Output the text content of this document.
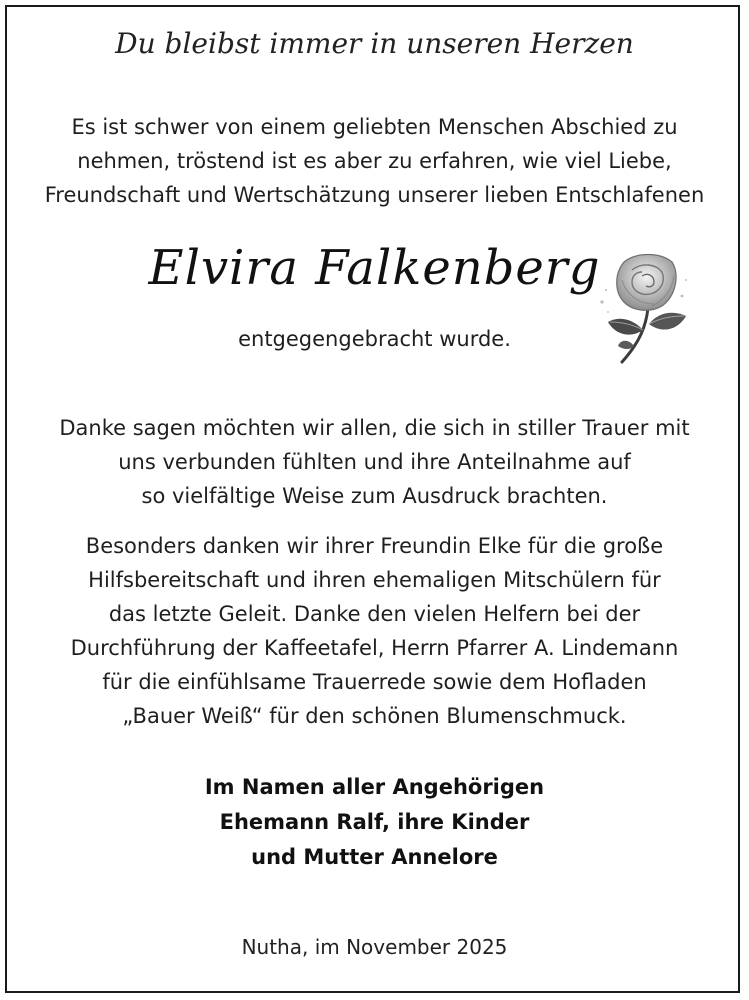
Du bleibst immer in unseren Herzen

Es ist schwer von einem geliebten Menschen Abschied zu
nehmen, tröstend ist es aber zu erfahren, wie viel Liebe,
Freundschaft und Wertschätzung unserer lieben Entschlafenen

Elvira Falkenberg

entgegengebracht wurde.

Danke sagen möchten wir allen, die sich in stiller Trauer mit
uns verbunden fühlten und ihre Anteilnahme auf
so vielfältige Weise zum Ausdruck brachten.
Besonders danken wir ihrer Freundin Elke für die große
Hilfsbereitschaft und ihren ehemaligen Mitschülern für
das letzte Geleit. Danke den vielen Helfern bei der
Durchführung der Kaffeetafel, Herrn Pfarrer A. Lindemann
für die einfühlsame Trauerrede sowie dem Hofladen
„Bauer Weiß“ für den schönen Blumenschmuck.
Im Namen aller Angehörigen
Ehemann Ralf, ihre Kinder
und Mutter Annelore

Nutha, im November 2025
